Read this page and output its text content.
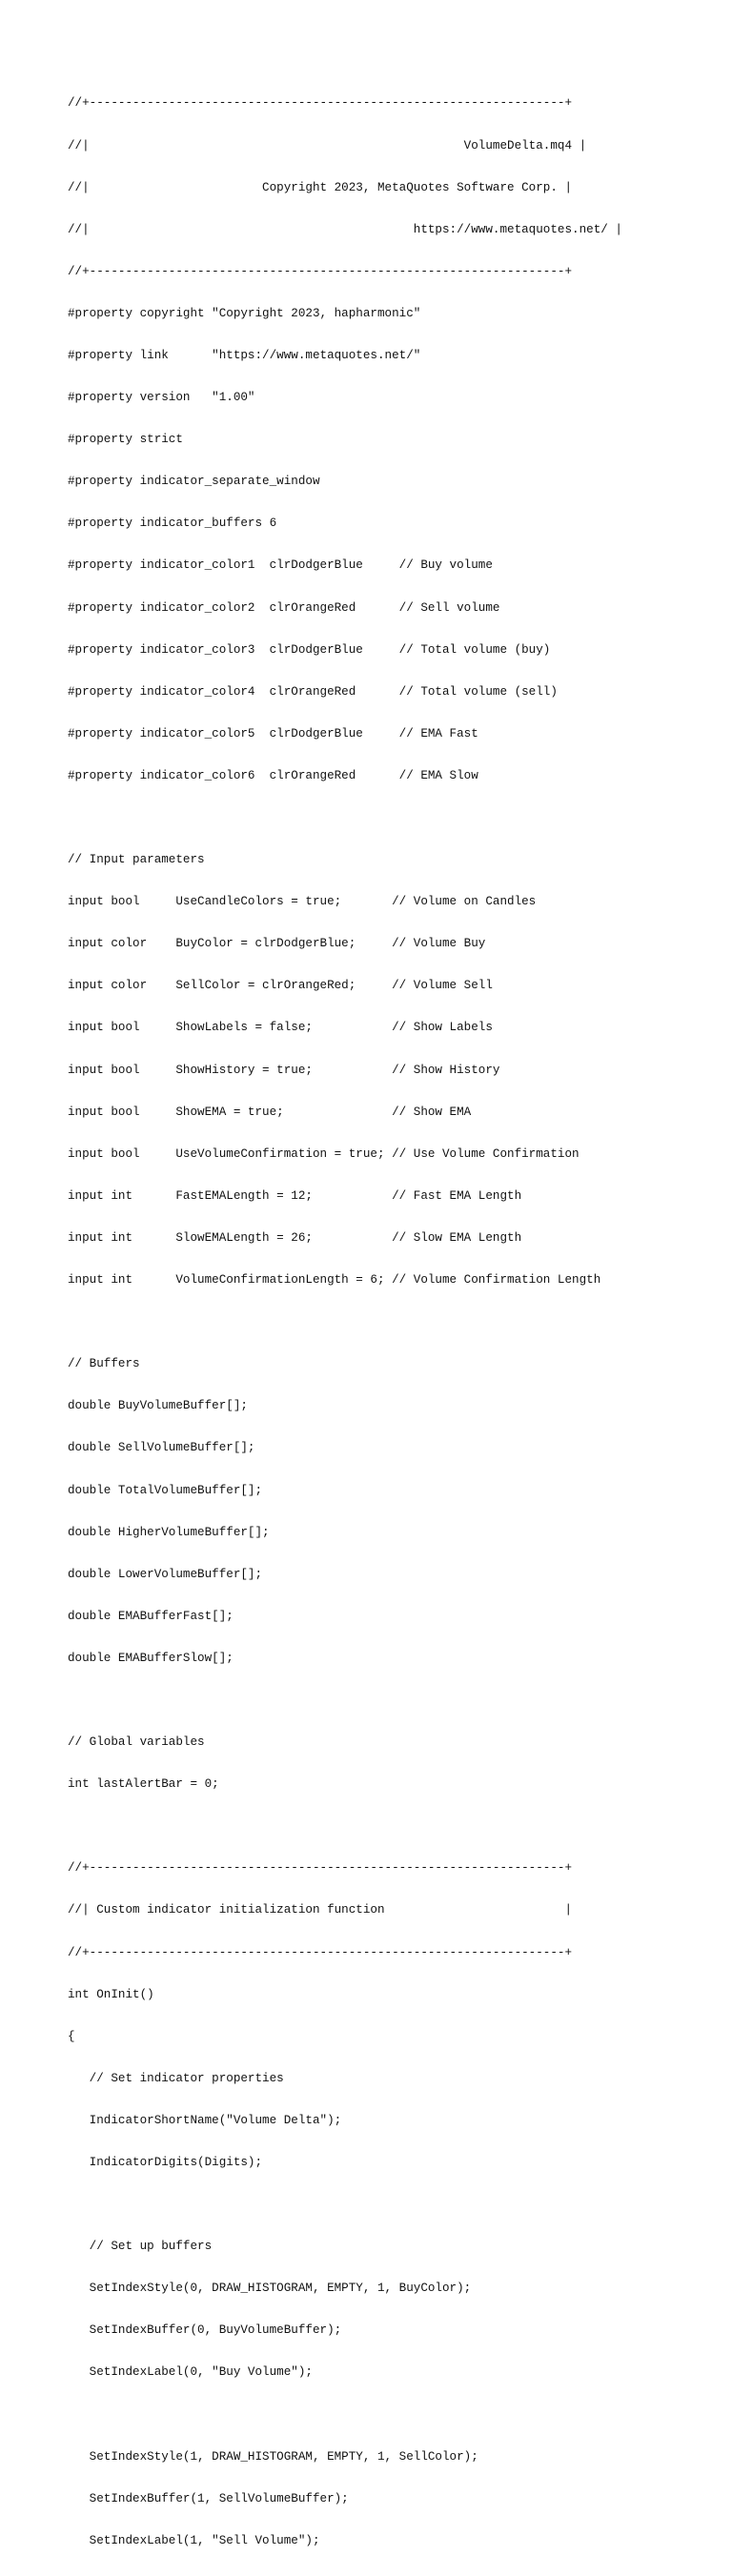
//+------------------------------------------------------------------+

//|                                                    VolumeDelta.mq4 |

//|                        Copyright 2023, MetaQuotes Software Corp. |

//|                                             https://www.metaquotes.net/ |

//+------------------------------------------------------------------+

#property copyright "Copyright 2023, hapharmonic"

#property link      "https://www.metaquotes.net/"

#property version   "1.00"

#property strict

#property indicator_separate_window

#property indicator_buffers 6

#property indicator_color1  clrDodgerBlue     // Buy volume

#property indicator_color2  clrOrangeRed      // Sell volume

#property indicator_color3  clrDodgerBlue     // Total volume (buy)

#property indicator_color4  clrOrangeRed      // Total volume (sell)

#property indicator_color5  clrDodgerBlue     // EMA Fast

#property indicator_color6  clrOrangeRed      // EMA Slow

// Input parameters

input bool     UseCandleColors = true;       // Volume on Candles

input color    BuyColor = clrDodgerBlue;     // Volume Buy

input color    SellColor = clrOrangeRed;     // Volume Sell

input bool     ShowLabels = false;           // Show Labels

input bool     ShowHistory = true;           // Show History

input bool     ShowEMA = true;               // Show EMA

input bool     UseVolumeConfirmation = true; // Use Volume Confirmation

input int      FastEMALength = 12;           // Fast EMA Length

input int      SlowEMALength = 26;           // Slow EMA Length

input int      VolumeConfirmationLength = 6; // Volume Confirmation Length

// Buffers

double BuyVolumeBuffer[];

double SellVolumeBuffer[];

double TotalVolumeBuffer[];

double HigherVolumeBuffer[];

double LowerVolumeBuffer[];

double EMABufferFast[];

double EMABufferSlow[];

// Global variables

int lastAlertBar = 0;

//+------------------------------------------------------------------+

//| Custom indicator initialization function                         |

//+------------------------------------------------------------------+

int OnInit()

{

// Set indicator properties

IndicatorShortName("Volume Delta");

IndicatorDigits(Digits);

// Set up buffers

SetIndexStyle(0, DRAW_HISTOGRAM, EMPTY, 1, BuyColor);

SetIndexBuffer(0, BuyVolumeBuffer);

SetIndexLabel(0, "Buy Volume");

SetIndexStyle(1, DRAW_HISTOGRAM, EMPTY, 1, SellColor);

SetIndexBuffer(1, SellVolumeBuffer);

SetIndexLabel(1, "Sell Volume");
